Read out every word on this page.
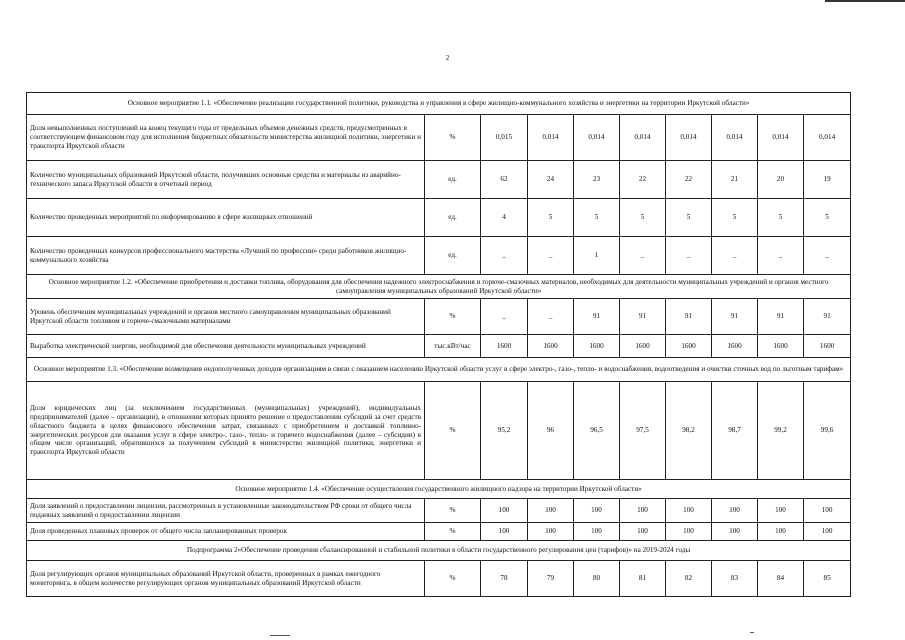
2
Основное мероприятие 1.1. «Обеспечение реализации государственной политики, руководства и управления в сфере жилищно-коммунального хозяйства и энергетики на территории Иркутской области»									
Доля невыполненных поступлений на конец текущего года от предельных объемов денежных средств, предусмотренных в соответствующем финансовом году для исполнения бюджетных обязательств министерства жилищной политики, энергетики и транспорта Иркутской области	%	0,015	0,014	0,014	0,014	0,014	0,014	0,014	0,014
Количество муниципальных образований Иркутской области, получивших основные средства и материалы из аварийно-технического запаса Иркутской области в отчетный период	ед.	62	24	23	22	22	21	20	19
Количество проведенных мероприятий по информированию в сфере жилищных отношений	ед.	4	5	5	5	5	5	5	5
Количество проведенных конкурсов профессионального мастерства «Лучший по профессии» среди работников жилищно-коммунального хозяйства	ед.	_	_	1	_	_	_	_	_
Основное мероприятие 1.2. «Обеспечение приобретения и доставки топлива, оборудования для обеспечения надежного электроснабжения и горюче-смазочных материалов, необходимых для деятельности муниципальных учреждений и органов местного самоуправления муниципальных образований Иркутской области»									
Уровень обеспечения муниципальных учреждений и органов местного самоуправления муниципальных образований Иркутской области топливом и горюче-смазочными материалами	%	_	_	91	91	91	91	91	91
Выработка электрической энергии, необходимой для обеспечения деятельности муниципальных учреждений	тыс.кВт/час	1600	1600	1600	1600	1600	1600	1600	1600
Основное мероприятие 1.3. «Обеспечение возмещения недополученных доходов организациям в связи с оказанием населению Иркутской области услуг в сфере электро-, газо-, тепло- и водоснабжения, водоотведения и очистки сточных вод по льготным тарифам»									
Доля юридических лиц (за исключением государственных (муниципальных) учреждений), индивидуальных предпринимателей (далее – организации), в отношении которых принято решение о предоставлении субсидий за счет средств областного бюджета в целях финансового обеспечения затрат, связанных с приобретением и доставкой топливно-энергетических ресурсов для оказания услуг в сфере электро-, газо-, тепло- и горячего водоснабжения (далее – субсидии) в общем числе организаций, обратившихся за получением субсидий в министерство жилищной политики, энергетики и транспорта Иркутской области	%	95,2	96	96,5	97,5	98,2	98,7	99,2	99,6
Основное мероприятие 1.4. «Обеспечение осуществления государственного жилищного надзора на территории Иркутской области»									
Доля заявлений о предоставлении лицензии, рассмотренных в установленные законодательством РФ сроки от общего числа поданных заявлений о предоставлении лицензии	%	100	100	100	100	100	100	100	100
Доля проведенных плановых проверок от общего числа запланированных проверок	%	100	100	100	100	100	100	100	100
Подпрограмма 2«Обеспечение проведения сбалансированной и стабильной политики в области государственного регулирования цен (тарифов)» на 2019-2024 годы									
Доля регулирующих органов муниципальных образований Иркутской области, проверенных в рамках ежегодного мониторинга, в общем количестве регулирующих органов муниципальных образований Иркутской области	%	78	79	80	81	82	83	84	85
